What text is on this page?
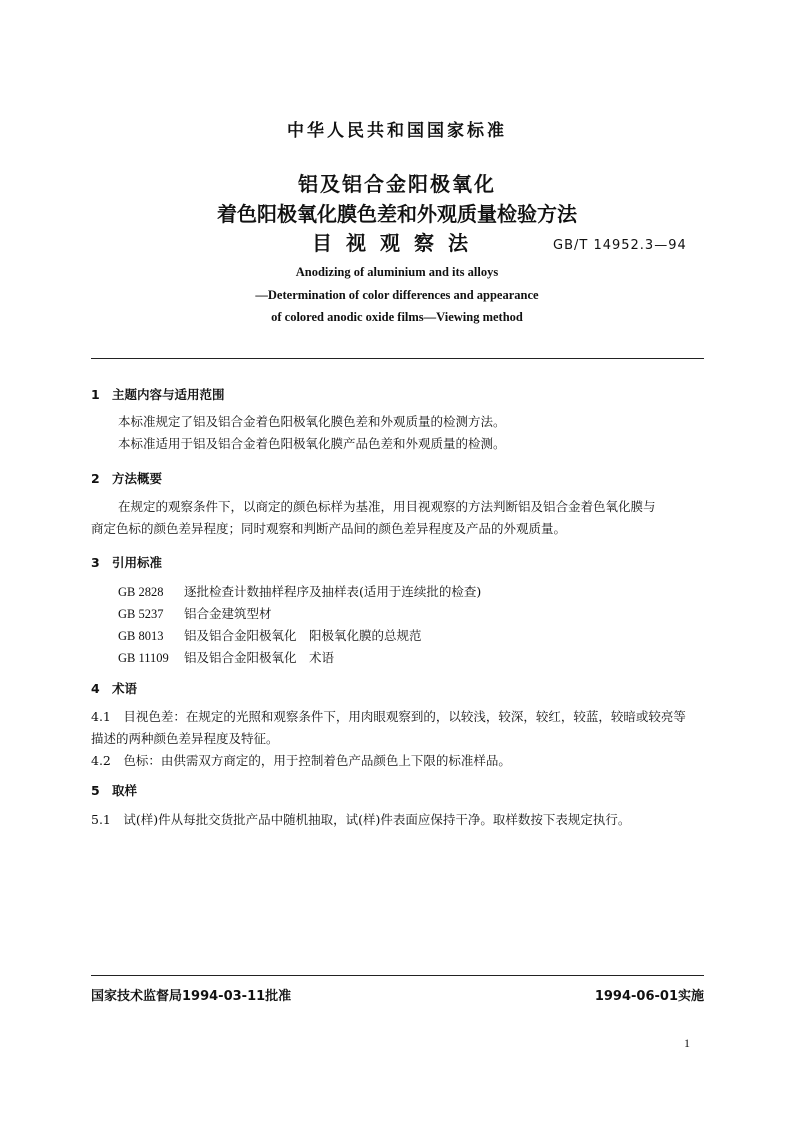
中华人民共和国国家标准
铝及铝合金阳极氧化
着色阳极氧化膜色差和外观质量检验方法
目视观察法	GB/T 14952.3—94
Anodizing of aluminium and its alloys
—Determination of color differences and appearance
of colored anodic oxide films—Viewing method
1 主题内容与适用范围
本标准规定了铝及铝合金着色阳极氧化膜色差和外观质量的检测方法。
本标准适用于铝及铝合金着色阳极氧化膜产品色差和外观质量的检测。
2 方法概要
在规定的观察条件下，以商定的颜色标样为基准，用目视观察的方法判断铝及铝合金着色氧化膜与
商定色标的颜色差异程度；同时观察和判断产品间的颜色差异程度及产品的外观质量。
3 引用标准
GB 2828 逐批检查计数抽样程序及抽样表(适用于连续批的检查)
GB 5237 铝合金建筑型材
GB 8013 铝及铝合金阳极氧化　阳极氧化膜的总规范
GB 11109 铝及铝合金阳极氧化　术语
4 术语
4.1　目视色差：在规定的光照和观察条件下，用肉眼观察到的，以较浅，较深，较红，较蓝，较暗或较亮等
描述的两种颜色差异程度及特征。
4.2　色标：由供需双方商定的，用于控制着色产品颜色上下限的标准样品。
5 取样
5.1　试(样)件从每批交货批产品中随机抽取，试(样)件表面应保持干净。取样数按下表规定执行。
国家技术监督局1994-03-11批准	1994-06-01实施
1
